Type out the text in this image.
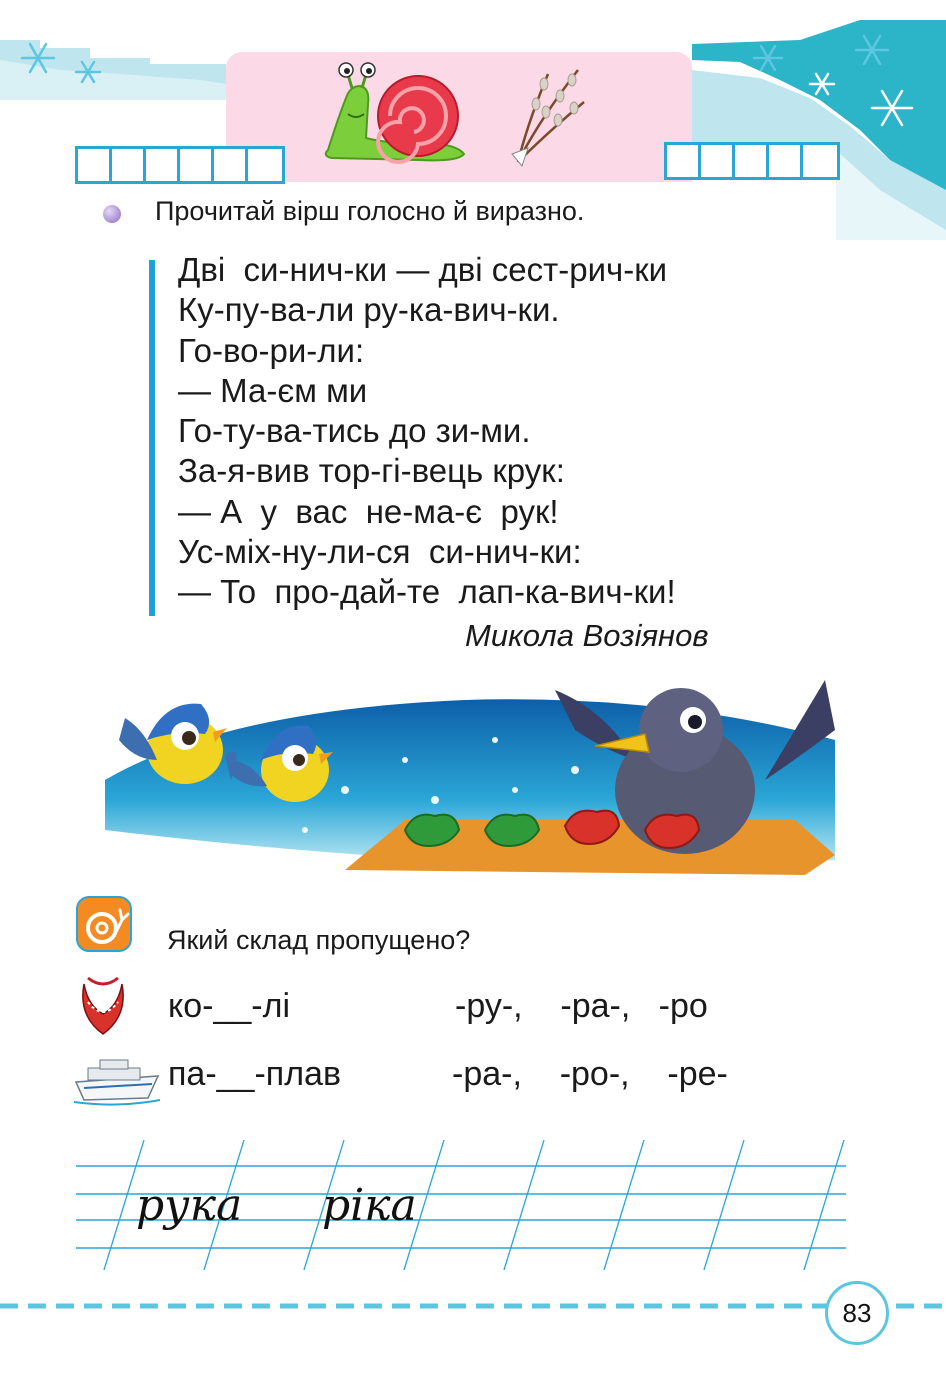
Прочитай вірш голосно й виразно.
Дві  си-нич-ки — дві сест-рич-ки
Ку-пу-ва-ли ру-ка-вич-ки.
Го-во-ри-ли:
— Ма-єм ми
Го-ту-ва-тись до зи-ми.
За-я-вив тор-гі-вець крук:
— А  у  вас  не-ма-є  рук!
Ус-міх-ну-ли-ся  си-нич-ки:
— То  про-дай-те  лап-ка-вич-ки!
Микола Возіянов
Який склад пропущено?
ко-__-лі	-ру-,    -ра-,   -ро
па-__-плав	-ра-,    -ро-,    -ре-
рука ріка
83
